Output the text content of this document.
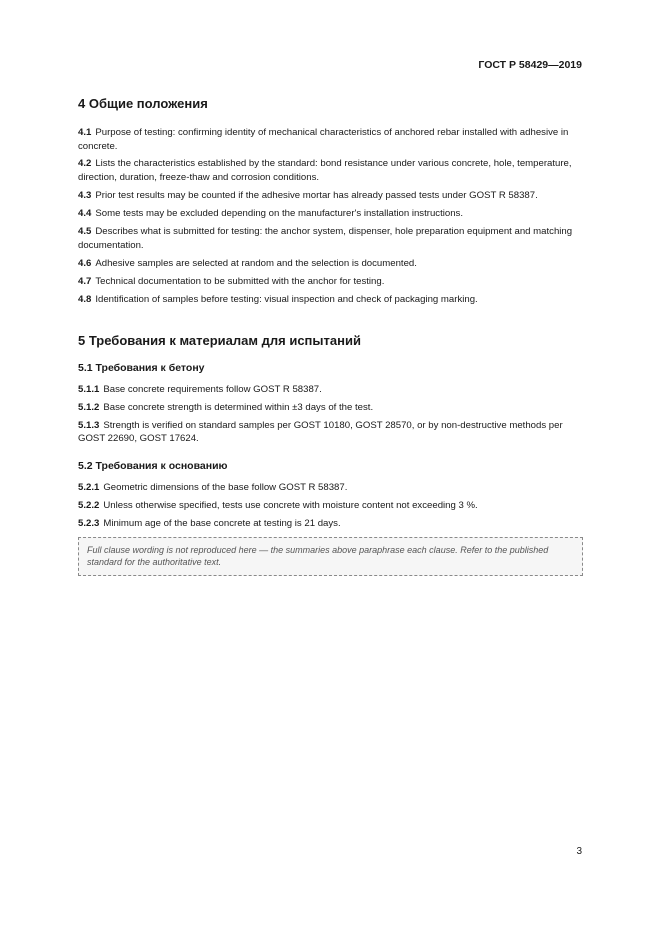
ГОСТ Р 58429—2019
4 Общие положения

4.1 Purpose of testing: confirming identity of mechanical characteristics of anchored rebar installed with adhesive in concrete.

4.2 Lists the characteristics established by the standard: bond resistance under various concrete, hole, temperature, direction, duration, freeze-thaw and corrosion conditions.

4.3 Prior test results may be counted if the adhesive mortar has already passed tests under GOST R 58387.

4.4 Some tests may be excluded depending on the manufacturer's installation instructions.

4.5 Describes what is submitted for testing: the anchor system, dispenser, hole preparation equipment and matching documentation.

4.6 Adhesive samples are selected at random and the selection is documented.

4.7 Technical documentation to be submitted with the anchor for testing.

4.8 Identification of samples before testing: visual inspection and check of packaging marking.

5 Требования к материалам для испытаний
5.1 Требования к бетону

5.1.1 Base concrete requirements follow GOST R 58387.

5.1.2 Base concrete strength is determined within ±3 days of the test.

5.1.3 Strength is verified on standard samples per GOST 10180, GOST 28570, or by non-destructive methods per GOST 22690, GOST 17624.

5.2 Требования к основанию

5.2.1 Geometric dimensions of the base follow GOST R 58387.

5.2.2 Unless otherwise specified, tests use concrete with moisture content not exceeding 3 %.

5.2.3 Minimum age of the base concrete at testing is 21 days.

Full clause wording is not reproduced here — the summaries above paraphrase each clause. Refer to the published standard for the authoritative text.

3
